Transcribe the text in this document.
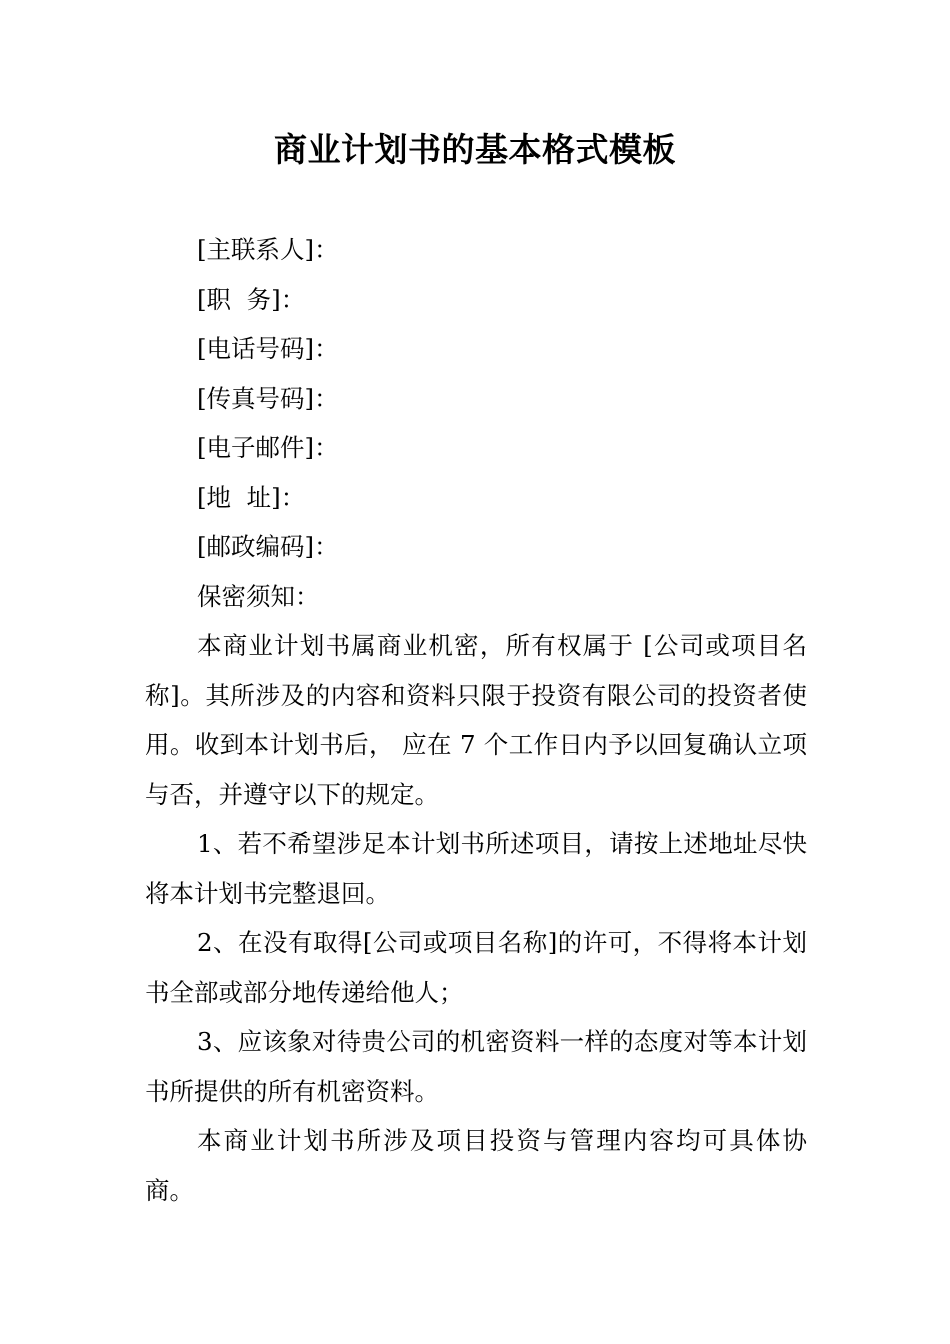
商业计划书的基本格式模板
[主联系人]：
[职  务]：
[电话号码]：
[传真号码]：
[电子邮件]：
[地  址]：
[邮政编码]：
保密须知：

本商业计划书属商业机密，所有权属于 [公司或项目名称]。其所涉及的内容和资料只限于投资有限公司的投资者使用。收到本计划书后， 应在 7 个工作日内予以回复确认立项与否，并遵守以下的规定。

1、若不希望涉足本计划书所述项目，请按上述地址尽快将本计划书完整退回。

2、在没有取得[公司或项目名称]的许可，不得将本计划书全部或部分地传递给他人；

3、应该象对待贵公司的机密资料一样的态度对等本计划书所提供的所有机密资料。

本商业计划书所涉及项目投资与管理内容均可具体协商。
